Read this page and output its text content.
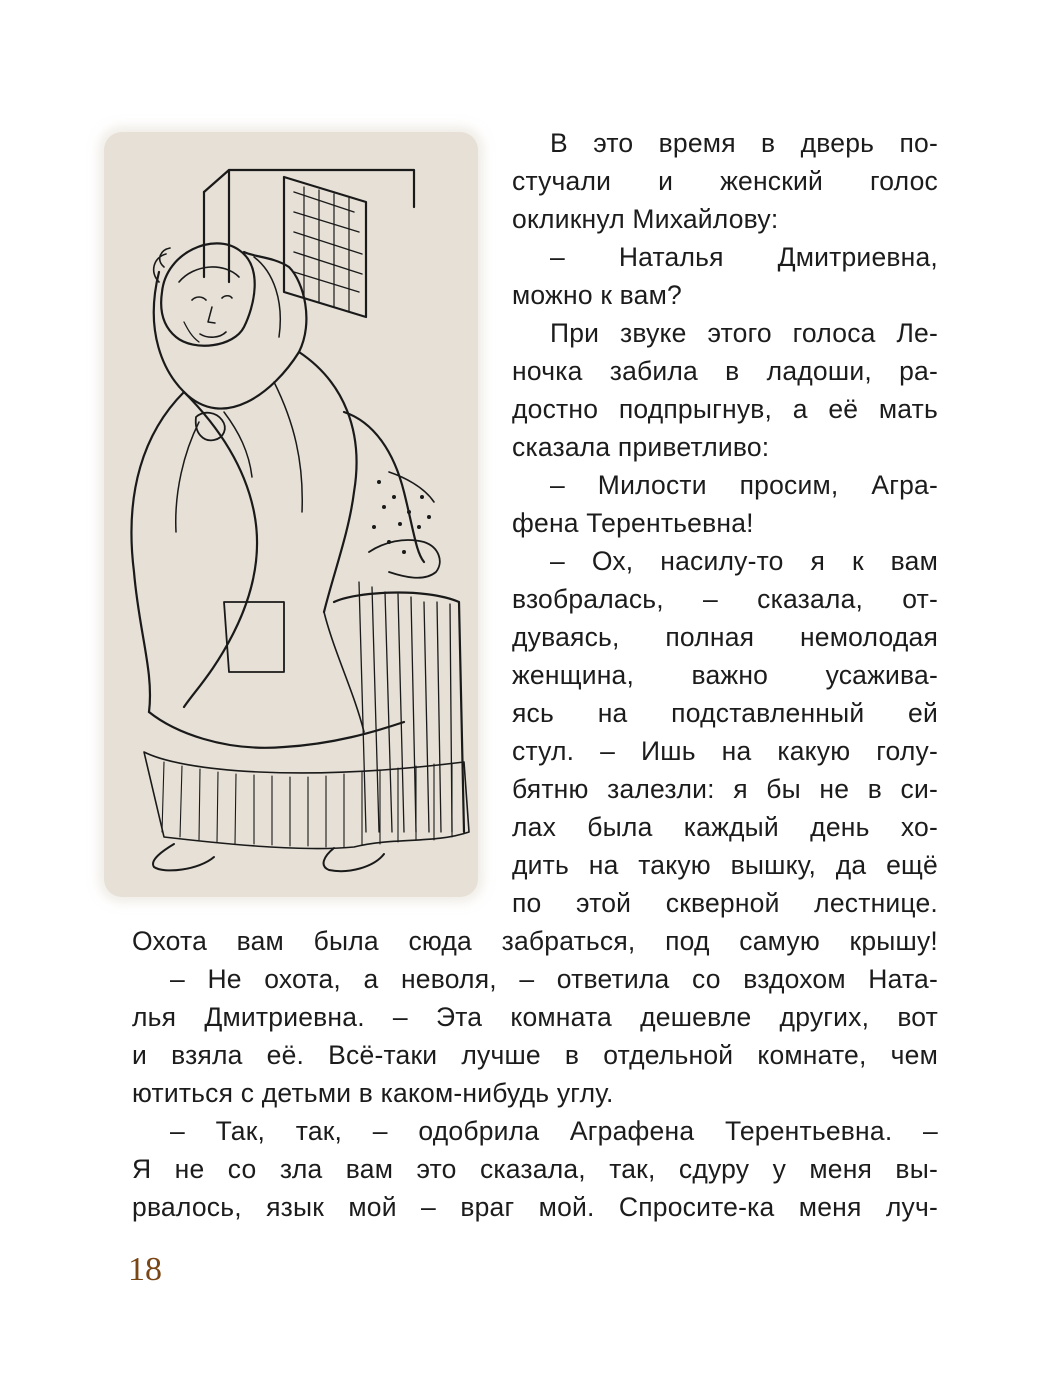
В это время в дверь по-

стучали и женский голос

окликнул Михайлову:

– Наталья Дмитриевна,

можно к вам?

При звуке этого голоса Ле-

ночка забила в ладоши, ра-

достно подпрыгнув, а её мать

сказала приветливо:

– Милости просим, Агра-

фена Терентьевна!

– Ох, насилу-то я к вам

взобралась, – сказала, от-

дуваясь, полная немолодая

женщина, важно усажива-

ясь на подставленный ей

стул. – Ишь на какую голу-

бятню залезли: я бы не в си-

лах была каждый день хо-

дить на такую вышку, да ещё

по этой скверной лестнице.

Охота вам была сюда забраться, под самую крышу!

– Не охота, а неволя, – ответила со вздохом Ната-

лья Дмитриевна. – Эта комната дешевле других, вот

и взяла её. Всё-таки лучше в отдельной комнате, чем

ютиться с детьми в каком-нибудь углу.

– Так, так, – одобрила Аграфена Терентьевна. –

Я не со зла вам это сказала, так, сдуру у меня вы-

рвалось, язык мой – враг мой. Спросите-ка меня луч-

18
